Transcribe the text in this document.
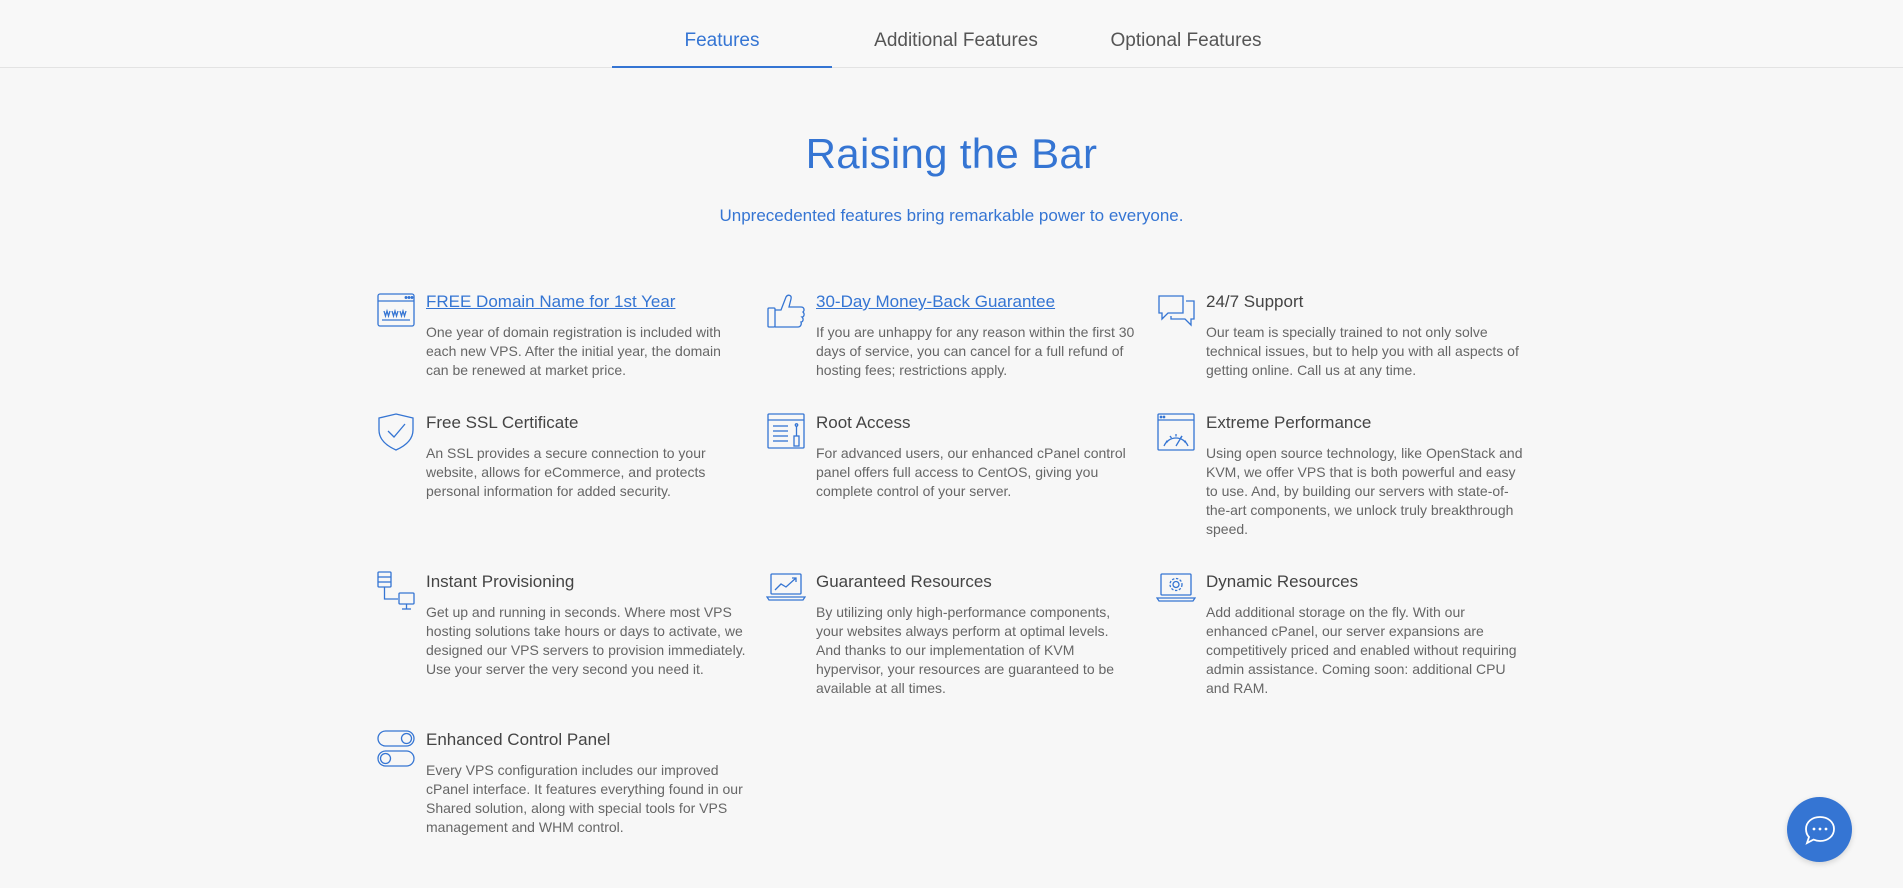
Features	Additional Features	Optional Features
Raising the Bar
Unprecedented features bring remarkable power to everyone.
FREE Domain Name for 1st Year

One year of domain registration is included with each new VPS. After the initial year, the domain can be renewed at market price.

30-Day Money-Back Guarantee

If you are unhappy for any reason within the first 30 days of service, you can cancel for a full refund of hosting fees; restrictions apply.

24/7 Support

Our team is specially trained to not only solve technical issues, but to help you with all aspects of getting online. Call us at any time.

Free SSL Certificate

An SSL provides a secure connection to your website, allows for eCommerce, and protects personal information for added security.

Root Access

For advanced users, our enhanced cPanel control panel offers full access to CentOS, giving you complete control of your server.

Extreme Performance

Using open source technology, like OpenStack and KVM, we offer VPS that is both powerful and easy to use. And, by building our servers with state-of-the-art components, we unlock truly breakthrough speed.

Instant Provisioning

Get up and running in seconds. Where most VPS hosting solutions take hours or days to activate, we designed our VPS servers to provision immediately. Use your server the very second you need it.

Guaranteed Resources

By utilizing only high-performance components, your websites always perform at optimal levels. And thanks to our implementation of KVM hypervisor, your resources are guaranteed to be available at all times.

Dynamic Resources

Add additional storage on the fly. With our enhanced cPanel, our server expansions are competitively priced and enabled without requiring admin assistance. Coming soon: additional CPU and RAM.

Enhanced Control Panel

Every VPS configuration includes our improved cPanel interface. It features everything found in our Shared solution, along with special tools for VPS management and WHM control.
